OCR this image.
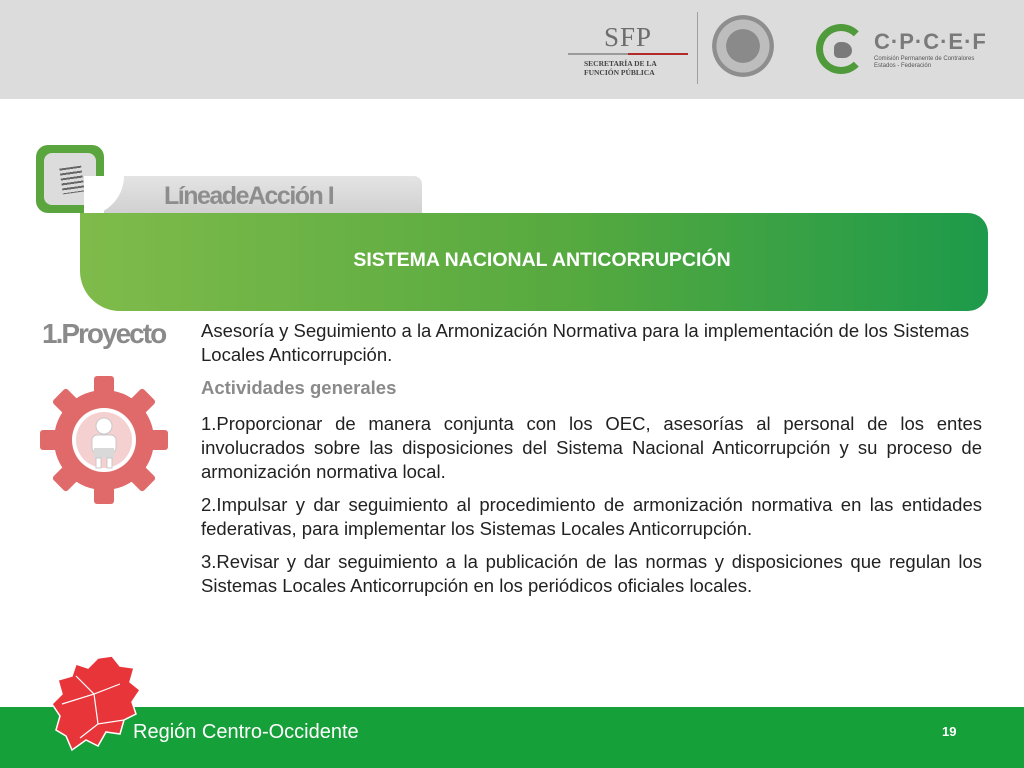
SFP
SECRETARÍA DE LA FUNCIÓN PÚBLICA
C·P·C·E·F
Comisión Permanente de Contralores Estados - Federación
LíneadeAcción I
SISTEMA NACIONAL ANTICORRUPCIÓN
1.Proyecto Asesoría y Seguimiento a la Armonización Normativa para la implementación de los Sistemas Locales Anticorrupción.

Actividades generales

1.Proporcionar de manera conjunta con los OEC, asesorías al personal de los entes involucrados sobre las disposiciones del Sistema Nacional Anticorrupción y su proceso de armonización normativa local.

2.Impulsar y dar seguimiento al procedimiento de armonización normativa en las entidades federativas, para implementar los Sistemas Locales Anticorrupción.

3.Revisar y dar seguimiento a la publicación de las normas y disposiciones que regulan los Sistemas Locales Anticorrupción en los periódicos oficiales locales.

Región Centro-Occidente	19
